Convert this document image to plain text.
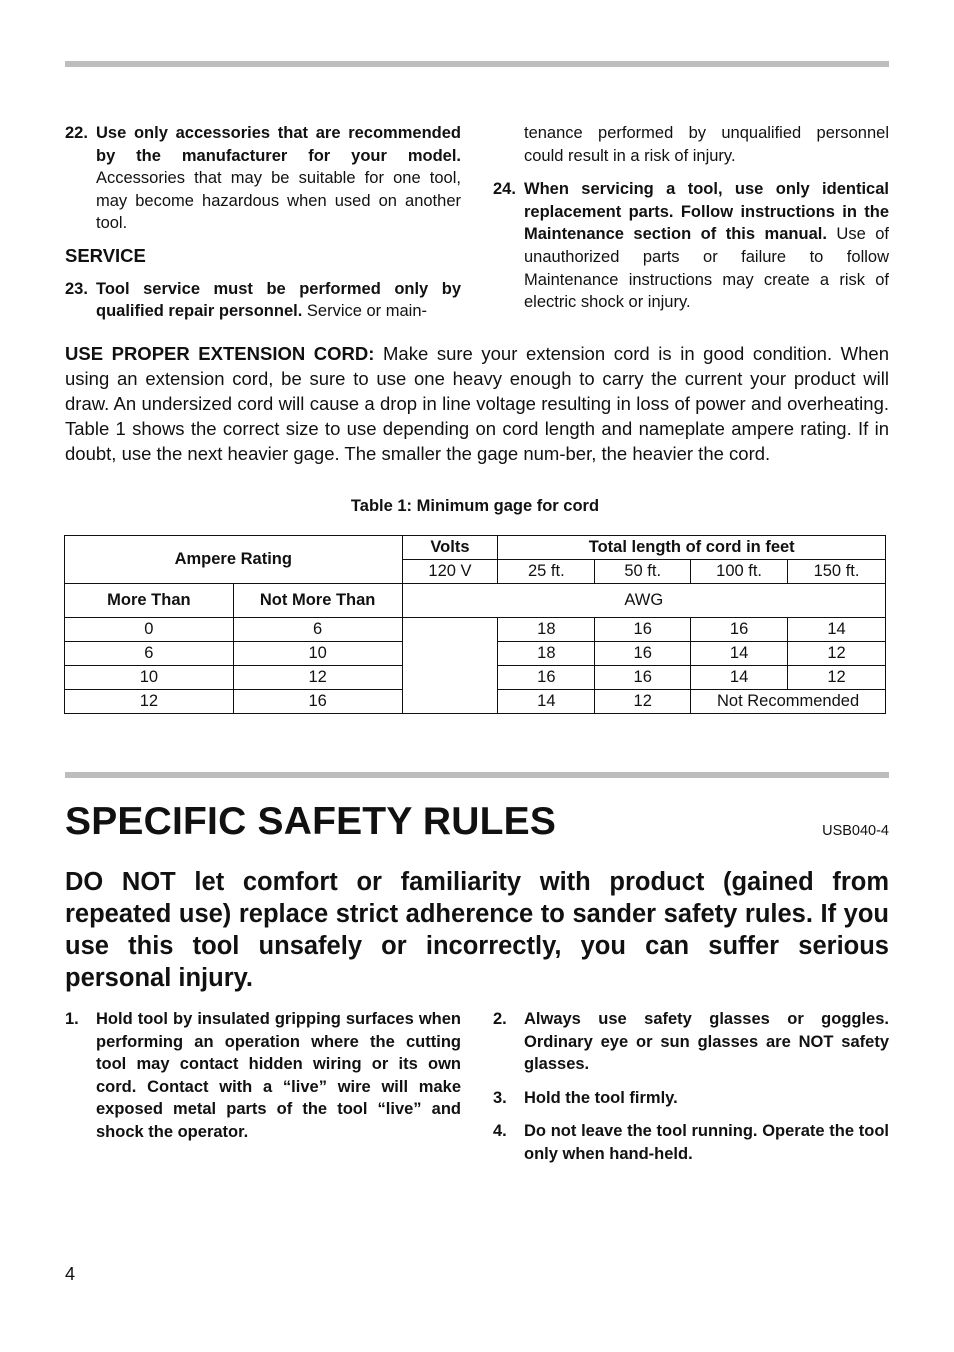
22. Use only accessories that are recommended by the manufacturer for your model. Accessories that may be suitable for one tool, may become hazardous when used on another tool.
SERVICE
23. Tool service must be performed only by qualified repair personnel. Service or main-
tenance performed by unqualified personnel could result in a risk of injury.
24. When servicing a tool, use only identical replacement parts. Follow instructions in the Maintenance section of this manual. Use of unauthorized parts or failure to follow Maintenance instructions may create a risk of electric shock or injury.
USE PROPER EXTENSION CORD: Make sure your extension cord is in good condition. When using an extension cord, be sure to use one heavy enough to carry the current your product will draw. An undersized cord will cause a drop in line voltage resulting in loss of power and overheating. Table 1 shows the correct size to use depending on cord length and nameplate ampere rating. If in doubt, use the next heavier gage. The smaller the gage num-ber, the heavier the cord.
Table 1: Minimum gage for cord
Ampere Rating		Volts	Total length of cord in feet			
		120 V	25 ft.	50 ft.	100 ft.	150 ft.
More Than	Not More Than	AWG				
0	6		18	16	16	14
6	10		18	16	14	12
10	12		16	16	14	12
12	16		14	12	Not Recommended	
SPECIFIC SAFETY RULES	USB040-4
DO NOT let comfort or familiarity with product (gained from repeated use) replace strict adherence to sander safety rules. If you use this tool unsafely or incorrectly, you can suffer serious personal injury.
1. Hold tool by insulated gripping surfaces when performing an operation where the cutting tool may contact hidden wiring or its own cord. Contact with a “live” wire will make exposed metal parts of the tool “live” and shock the operator.
2. Always use safety glasses or goggles. Ordinary eye or sun glasses are NOT safety glasses.
3. Hold the tool firmly.
4. Do not leave the tool running. Operate the tool only when hand-held.
4
